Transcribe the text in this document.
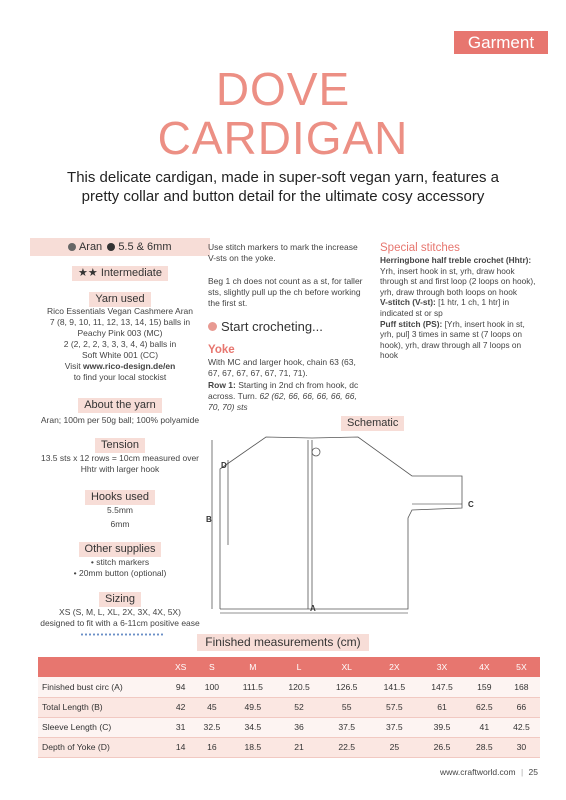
Garment
DOVE
CARDIGAN
This delicate cardigan, made in super-soft vegan yarn, features a pretty collar and button detail for the ultimate cosy accessory
Aran 5.5 & 6mm
★★ Intermediate
Yarn used
Rico Essentials Vegan Cashmere Aran
7 (8, 9, 10, 11, 12, 13, 14, 15) balls in
Peachy Pink 003 (MC)
2 (2, 2, 2, 3, 3, 3, 4, 4) balls in
Soft White 001 (CC)
Visit www.rico-design.de/en
to find your local stockist
About the yarn
Aran; 100m per 50g ball; 100% polyamide
Tension
13.5 sts x 12 rows = 10cm measured over
Hhtr with larger hook
Hooks used
5.5mm
6mm
Other supplies
• stitch markers
• 20mm button (optional)
Sizing
XS (S, M, L, XL, 2X, 3X, 4X, 5X)
designed to fit with a 6-11cm positive ease
Use stitch markers to mark the increase V-sts on the yoke.
Beg 1 ch does not count as a st, for taller sts, slightly pull up the ch before working the first st.
Start crocheting...
Yoke
With MC and larger hook, chain 63 (63, 67, 67, 67, 67, 67, 71, 71).
Row 1: Starting in 2nd ch from hook, dc across. Turn. 62 (62, 66, 66, 66, 66, 66, 70, 70) sts
Special stitches
Herringbone half treble crochet (Hhtr): Yrh, insert hook in st, yrh, draw hook through st and first loop (2 loops on hook), yrh, draw through both loops on hook
V-stitch (V-st): [1 htr, 1 ch, 1 htr] in indicated st or sp
Puff stitch (PS): [Yrh, insert hook in st, yrh, pul] 3 times in same st (7 loops on hook), yrh, draw through all 7 loops on hook
Schematic
D
B
A
C
Finished measurements (cm)
	XS	S	M	L	XL	2X	3X	4X	5X
Finished bust circ (A)	94	100	111.5	120.5	126.5	141.5	147.5	159	168
Total Length (B)	42	45	49.5	52	55	57.5	61	62.5	66
Sleeve Length (C)	31	32.5	34.5	36	37.5	37.5	39.5	41	42.5
Depth of Yoke (D)	14	16	18.5	21	22.5	25	26.5	28.5	30
www.craftworld.com | 25
